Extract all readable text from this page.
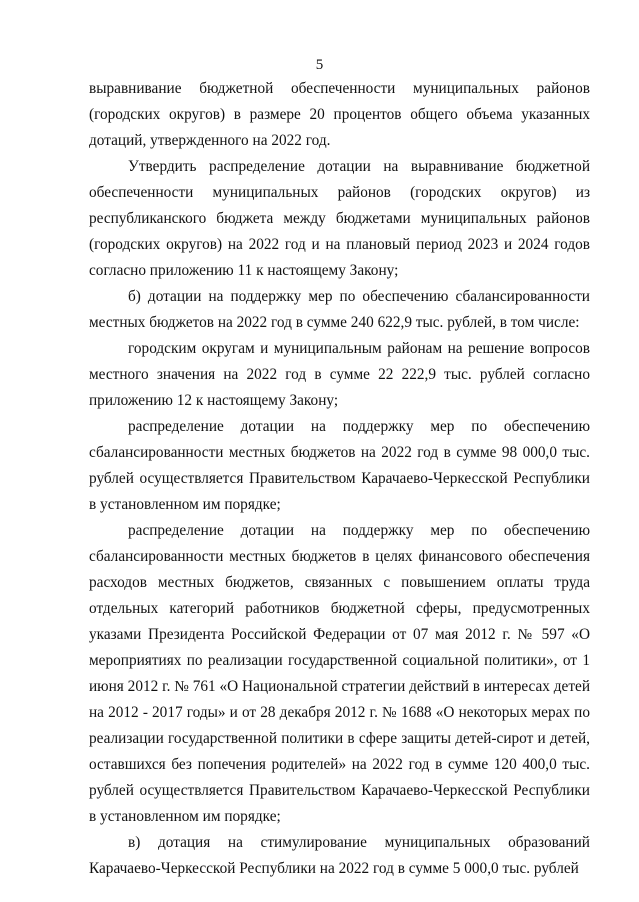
5

выравнивание бюджетной обеспеченности муниципальных районов (городских округов) в размере 20 процентов общего объема указанных дотаций, утвержденного на 2022 год.

Утвердить распределение дотации на выравнивание бюджетной обеспеченности муниципальных районов (городских округов) из республиканского бюджета между бюджетами муниципальных районов (городских округов) на 2022 год и на плановый период 2023 и 2024 годов согласно приложению 11 к настоящему Закону;

б) дотации на поддержку мер по обеспечению сбалансированности местных бюджетов на 2022 год в сумме 240 622,9 тыс. рублей, в том числе:

городским округам и муниципальным районам на решение вопросов местного значения на 2022 год в сумме 22 222,9 тыс. рублей согласно приложению 12 к настоящему Закону;

распределение дотации на поддержку мер по обеспечению сбалансированности местных бюджетов на 2022 год в сумме 98 000,0 тыс. рублей осуществляется Правительством Карачаево-Черкесской Республики в установленном им порядке;

распределение дотации на поддержку мер по обеспечению сбалансированности местных бюджетов в целях финансового обеспечения расходов местных бюджетов, связанных с повышением оплаты труда отдельных категорий работников бюджетной сферы, предусмотренных указами Президента Российской Федерации от 07 мая 2012 г. № 597 «О мероприятиях по реализации государственной социальной политики», от 1 июня 2012 г. № 761 «О Национальной стратегии действий в интересах детей на 2012 - 2017 годы» и от 28 декабря 2012 г. № 1688 «О некоторых мерах по реализации государственной политики в сфере защиты детей-сирот и детей, оставшихся без попечения родителей» на 2022 год в сумме 120 400,0 тыс. рублей осуществляется Правительством Карачаево-Черкесской Республики в установленном им порядке;

в) дотация на стимулирование муниципальных образований Карачаево-Черкесской Республики на 2022 год в сумме 5 000,0 тыс. рублей
